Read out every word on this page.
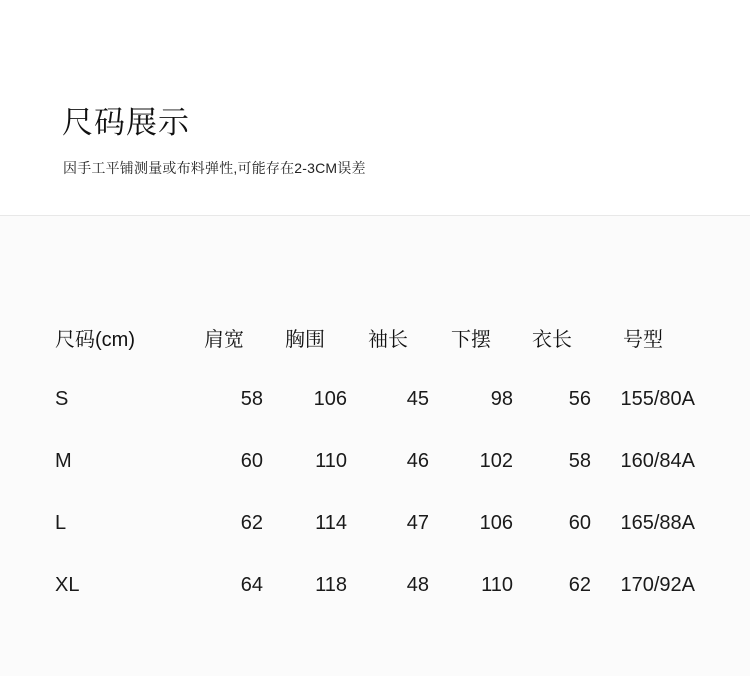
尺码展示
因手工平铺测量或布料弹性,可能存在2-3CM误差
尺码(cm)	肩宽	胸围	袖长	下摆	衣长	号型
S	58	106	45	98	56	155/80A
M	60	110	46	102	58	160/84A
L	62	114	47	106	60	165/88A
XL	64	118	48	110	62	170/92A
